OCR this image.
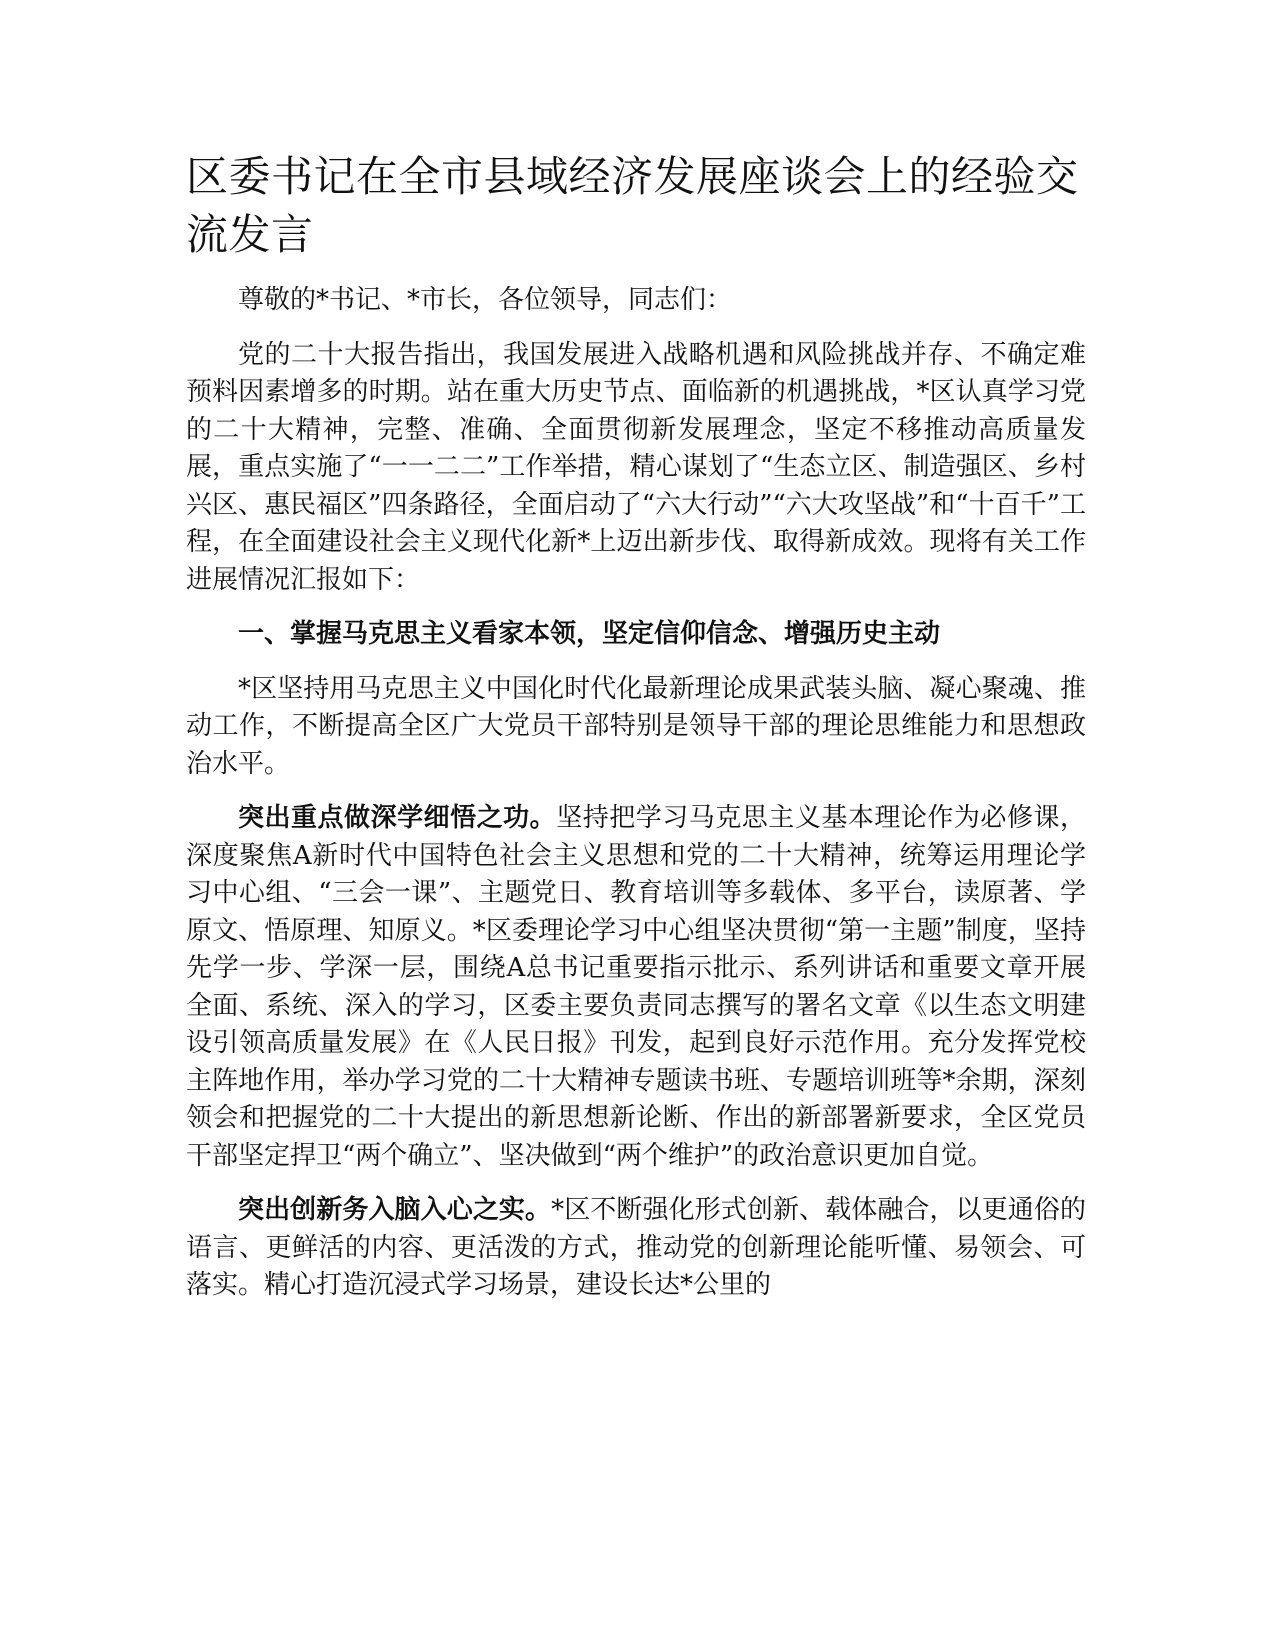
区委书记在全市县域经济发展座谈会上的经验交流发言

尊敬的*书记、*市长，各位领导，同志们：

党的二十大报告指出，我国发展进入战略机遇和风险挑战并存、不确定难预料因素增多的时期。站在重大历史节点、面临新的机遇挑战，*区认真学习党的二十大精神，完整、准确、全面贯彻新发展理念，坚定不移推动高质量发展，重点实施了“一一二二”工作举措，精心谋划了“生态立区、制造强区、乡村兴区、惠民福区”四条路径，全面启动了“六大行动”“六大攻坚战”和“十百千”工程，在全面建设社会主义现代化新*上迈出新步伐、取得新成效。现将有关工作进展情况汇报如下：

一、掌握马克思主义看家本领，坚定信仰信念、增强历史主动

*区坚持用马克思主义中国化时代化最新理论成果武装头脑、凝心聚魂、推动工作，不断提高全区广大党员干部特别是领导干部的理论思维能力和思想政治水平。

突出重点做深学细悟之功。坚持把学习马克思主义基本理论作为必修课，深度聚焦A新时代中国特色社会主义思想和党的二十大精神，统筹运用理论学习中心组、“三会一课”、主题党日、教育培训等多载体、多平台，读原著、学原文、悟原理、知原义。*区委理论学习中心组坚决贯彻“第一主题”制度，坚持先学一步、学深一层，围绕A总书记重要指示批示、系列讲话和重要文章开展全面、系统、深入的学习，区委主要负责同志撰写的署名文章《以生态文明建设引领高质量发展》在《人民日报》刊发，起到良好示范作用。充分发挥党校主阵地作用，举办学习党的二十大精神专题读书班、专题培训班等*余期，深刻领会和把握党的二十大提出的新思想新论断、作出的新部署新要求，全区党员干部坚定捍卫“两个确立”、坚决做到“两个维护”的政治意识更加自觉。

突出创新务入脑入心之实。*区不断强化形式创新、载体融合，以更通俗的语言、更鲜活的内容、更活泼的方式，推动党的创新理论能听懂、易领会、可落实。精心打造沉浸式学习场景，建设长达*公里的
